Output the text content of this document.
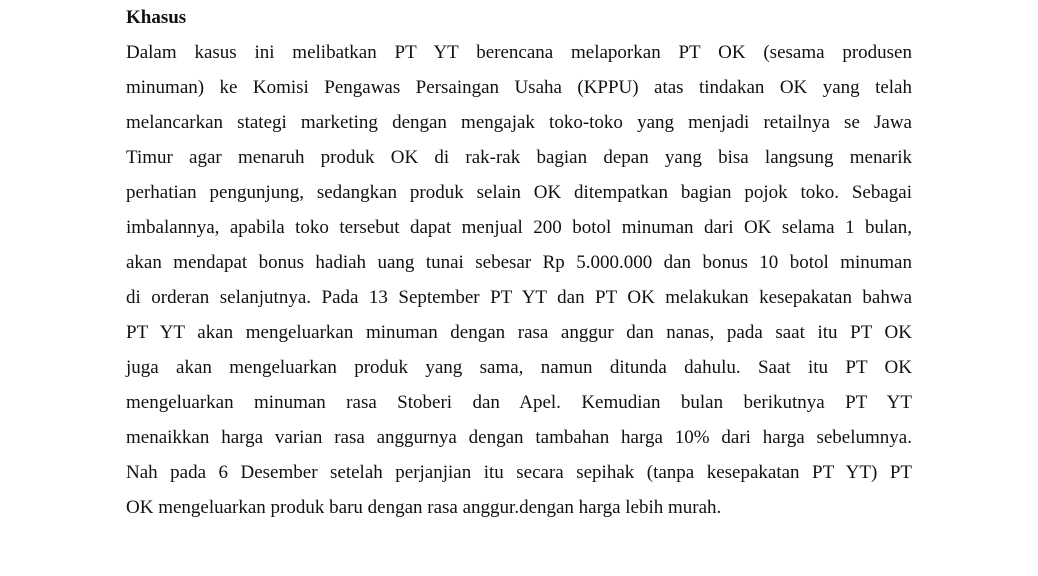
Khasus
Dalam kasus ini melibatkan PT YT berencana melaporkan PT OK (sesama produsen
minuman) ke Komisi Pengawas Persaingan Usaha (KPPU) atas tindakan OK yang telah
melancarkan stategi marketing dengan mengajak toko-toko yang menjadi retailnya se Jawa
Timur agar menaruh produk OK di rak-rak bagian depan yang bisa langsung menarik
perhatian pengunjung, sedangkan produk selain OK ditempatkan bagian pojok toko. Sebagai
imbalannya, apabila toko tersebut dapat menjual 200 botol minuman dari OK selama 1 bulan,
akan mendapat bonus hadiah uang tunai sebesar Rp 5.000.000 dan bonus 10 botol minuman
di orderan selanjutnya. Pada 13 September PT YT dan PT OK melakukan kesepakatan bahwa
PT YT akan mengeluarkan minuman dengan rasa anggur dan nanas, pada saat itu PT OK
juga akan mengeluarkan produk yang sama, namun ditunda dahulu. Saat itu PT OK
mengeluarkan minuman rasa Stoberi dan Apel. Kemudian bulan berikutnya PT YT
menaikkan harga varian rasa anggurnya dengan tambahan harga 10% dari harga sebelumnya.
Nah pada 6 Desember setelah perjanjian itu secara sepihak (tanpa kesepakatan PT YT) PT
OK mengeluarkan produk baru dengan rasa anggur.dengan harga lebih murah.
